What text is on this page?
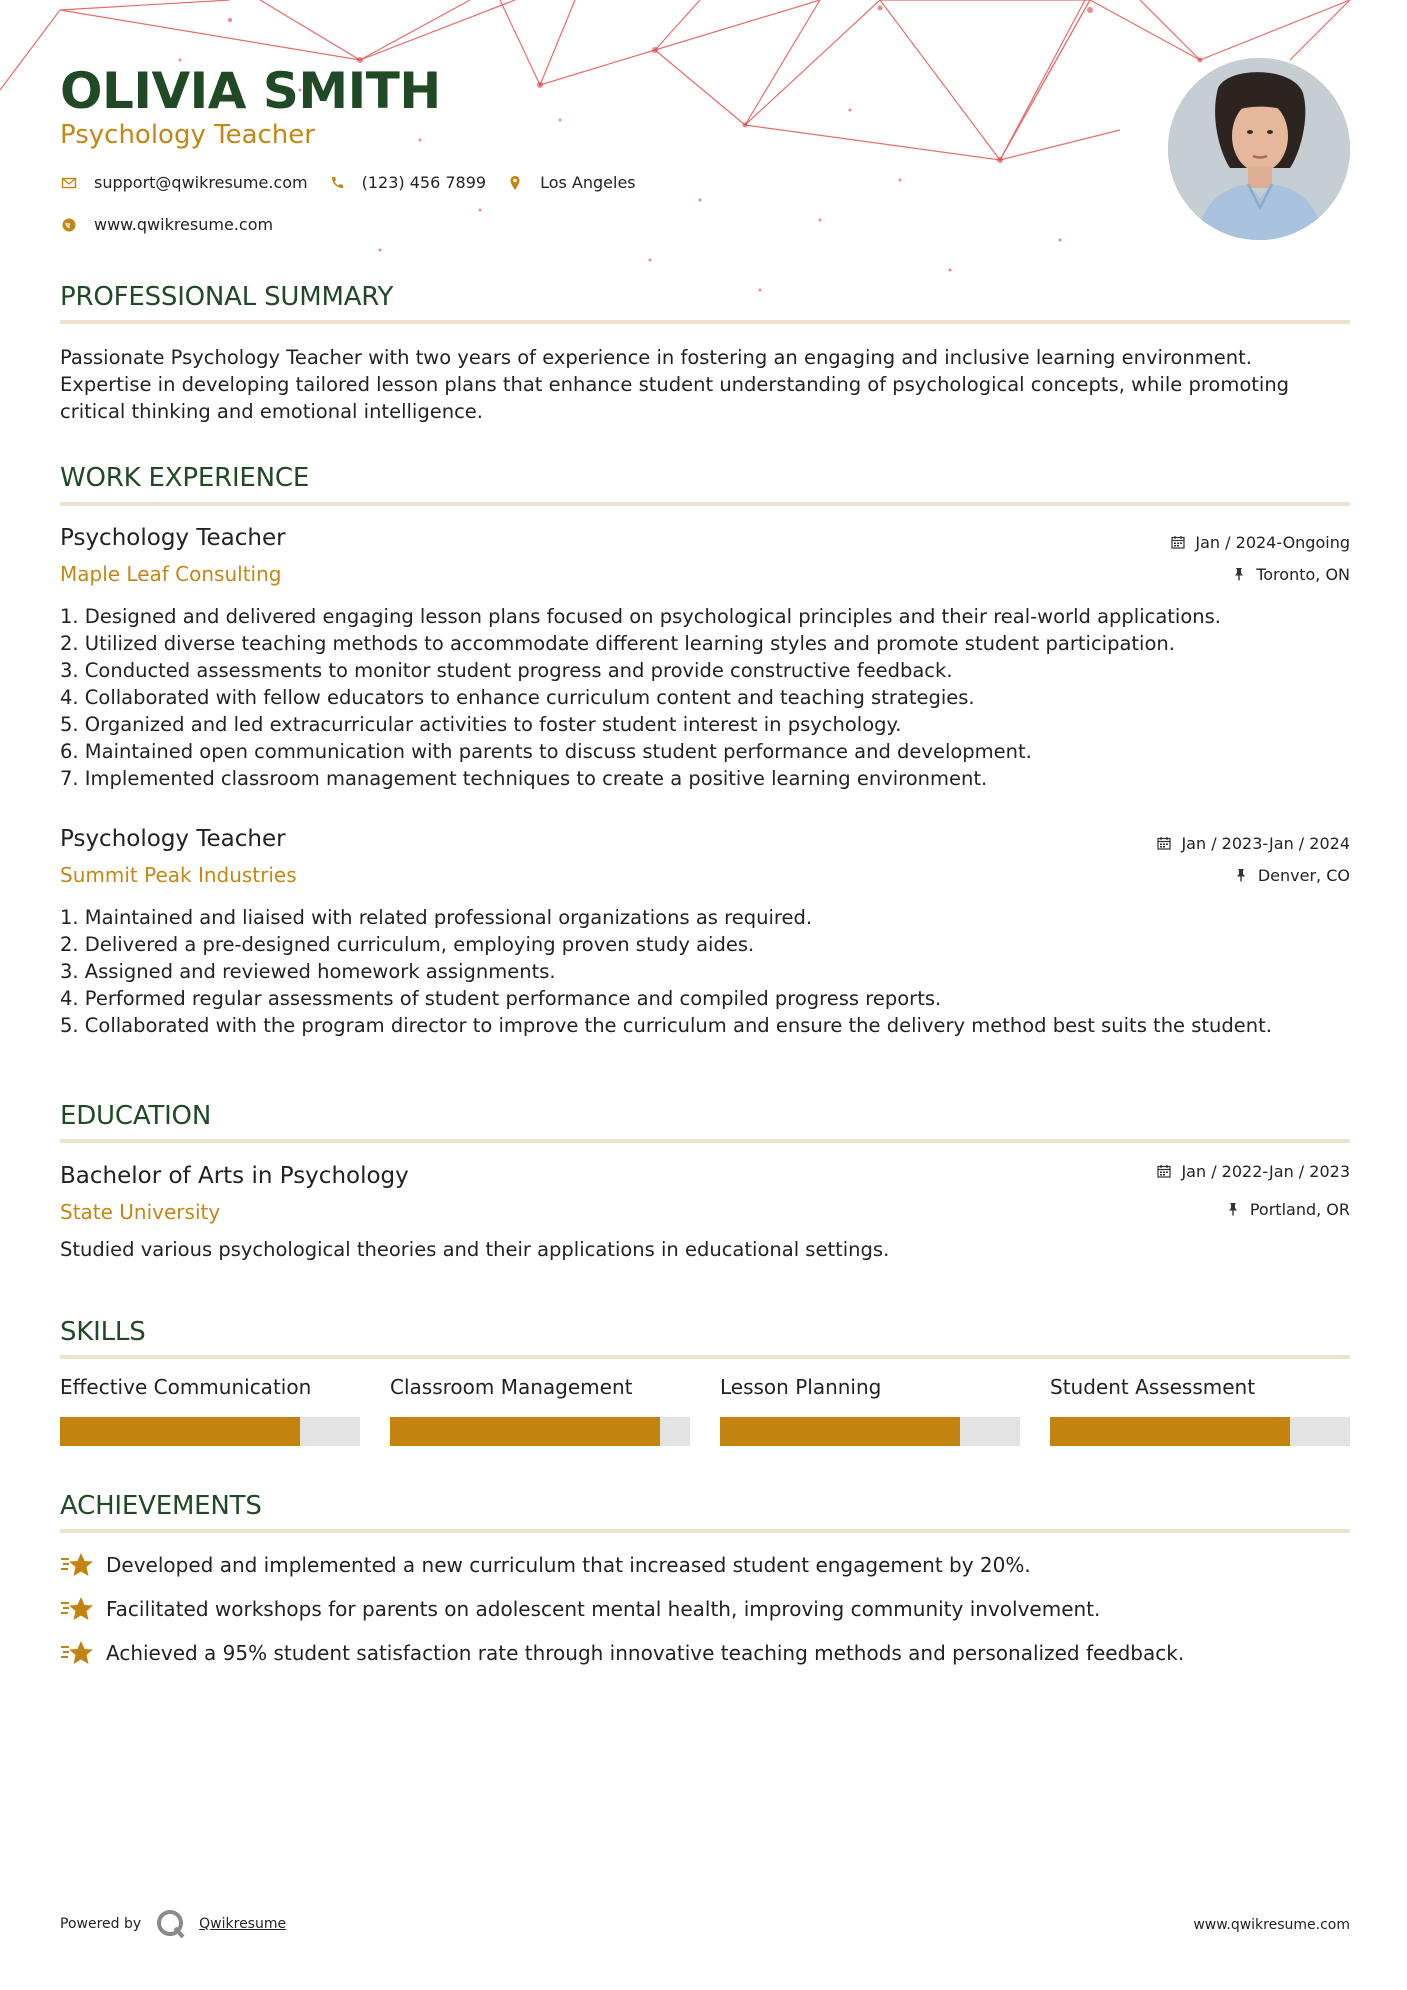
OLIVIA SMITH
Psychology Teacher
support@qwikresume.com	(123) 456 7899	Los Angeles
www.qwikresume.com
PROFESSIONAL SUMMARY
Passionate Psychology Teacher with two years of experience in fostering an engaging and inclusive learning environment.
Expertise in developing tailored lesson plans that enhance student understanding of psychological concepts, while promoting
critical thinking and emotional intelligence.
WORK EXPERIENCE
Psychology Teacher
Maple Leaf Consulting
Jan / 2024-Ongoing
Toronto, ON
1. Designed and delivered engaging lesson plans focused on psychological principles and their real-world applications.
2. Utilized diverse teaching methods to accommodate different learning styles and promote student participation.
3. Conducted assessments to monitor student progress and provide constructive feedback.
4. Collaborated with fellow educators to enhance curriculum content and teaching strategies.
5. Organized and led extracurricular activities to foster student interest in psychology.
6. Maintained open communication with parents to discuss student performance and development.
7. Implemented classroom management techniques to create a positive learning environment.
Psychology Teacher
Summit Peak Industries
Jan / 2023-Jan / 2024
Denver, CO
1. Maintained and liaised with related professional organizations as required.
2. Delivered a pre-designed curriculum, employing proven study aides.
3. Assigned and reviewed homework assignments.
4. Performed regular assessments of student performance and compiled progress reports.
5. Collaborated with the program director to improve the curriculum and ensure the delivery method best suits the student.
EDUCATION
Bachelor of Arts in Psychology
State University
Jan / 2022-Jan / 2023
Portland, OR
Studied various psychological theories and their applications in educational settings.
SKILLS
Effective Communication	Classroom Management	Lesson Planning	Student Assessment
ACHIEVEMENTS
Developed and implemented a new curriculum that increased student engagement by 20%.
Facilitated workshops for parents on adolescent mental health, improving community involvement.
Achieved a 95% student satisfaction rate through innovative teaching methods and personalized feedback.
Powered by	Qwikresume	www.qwikresume.com
